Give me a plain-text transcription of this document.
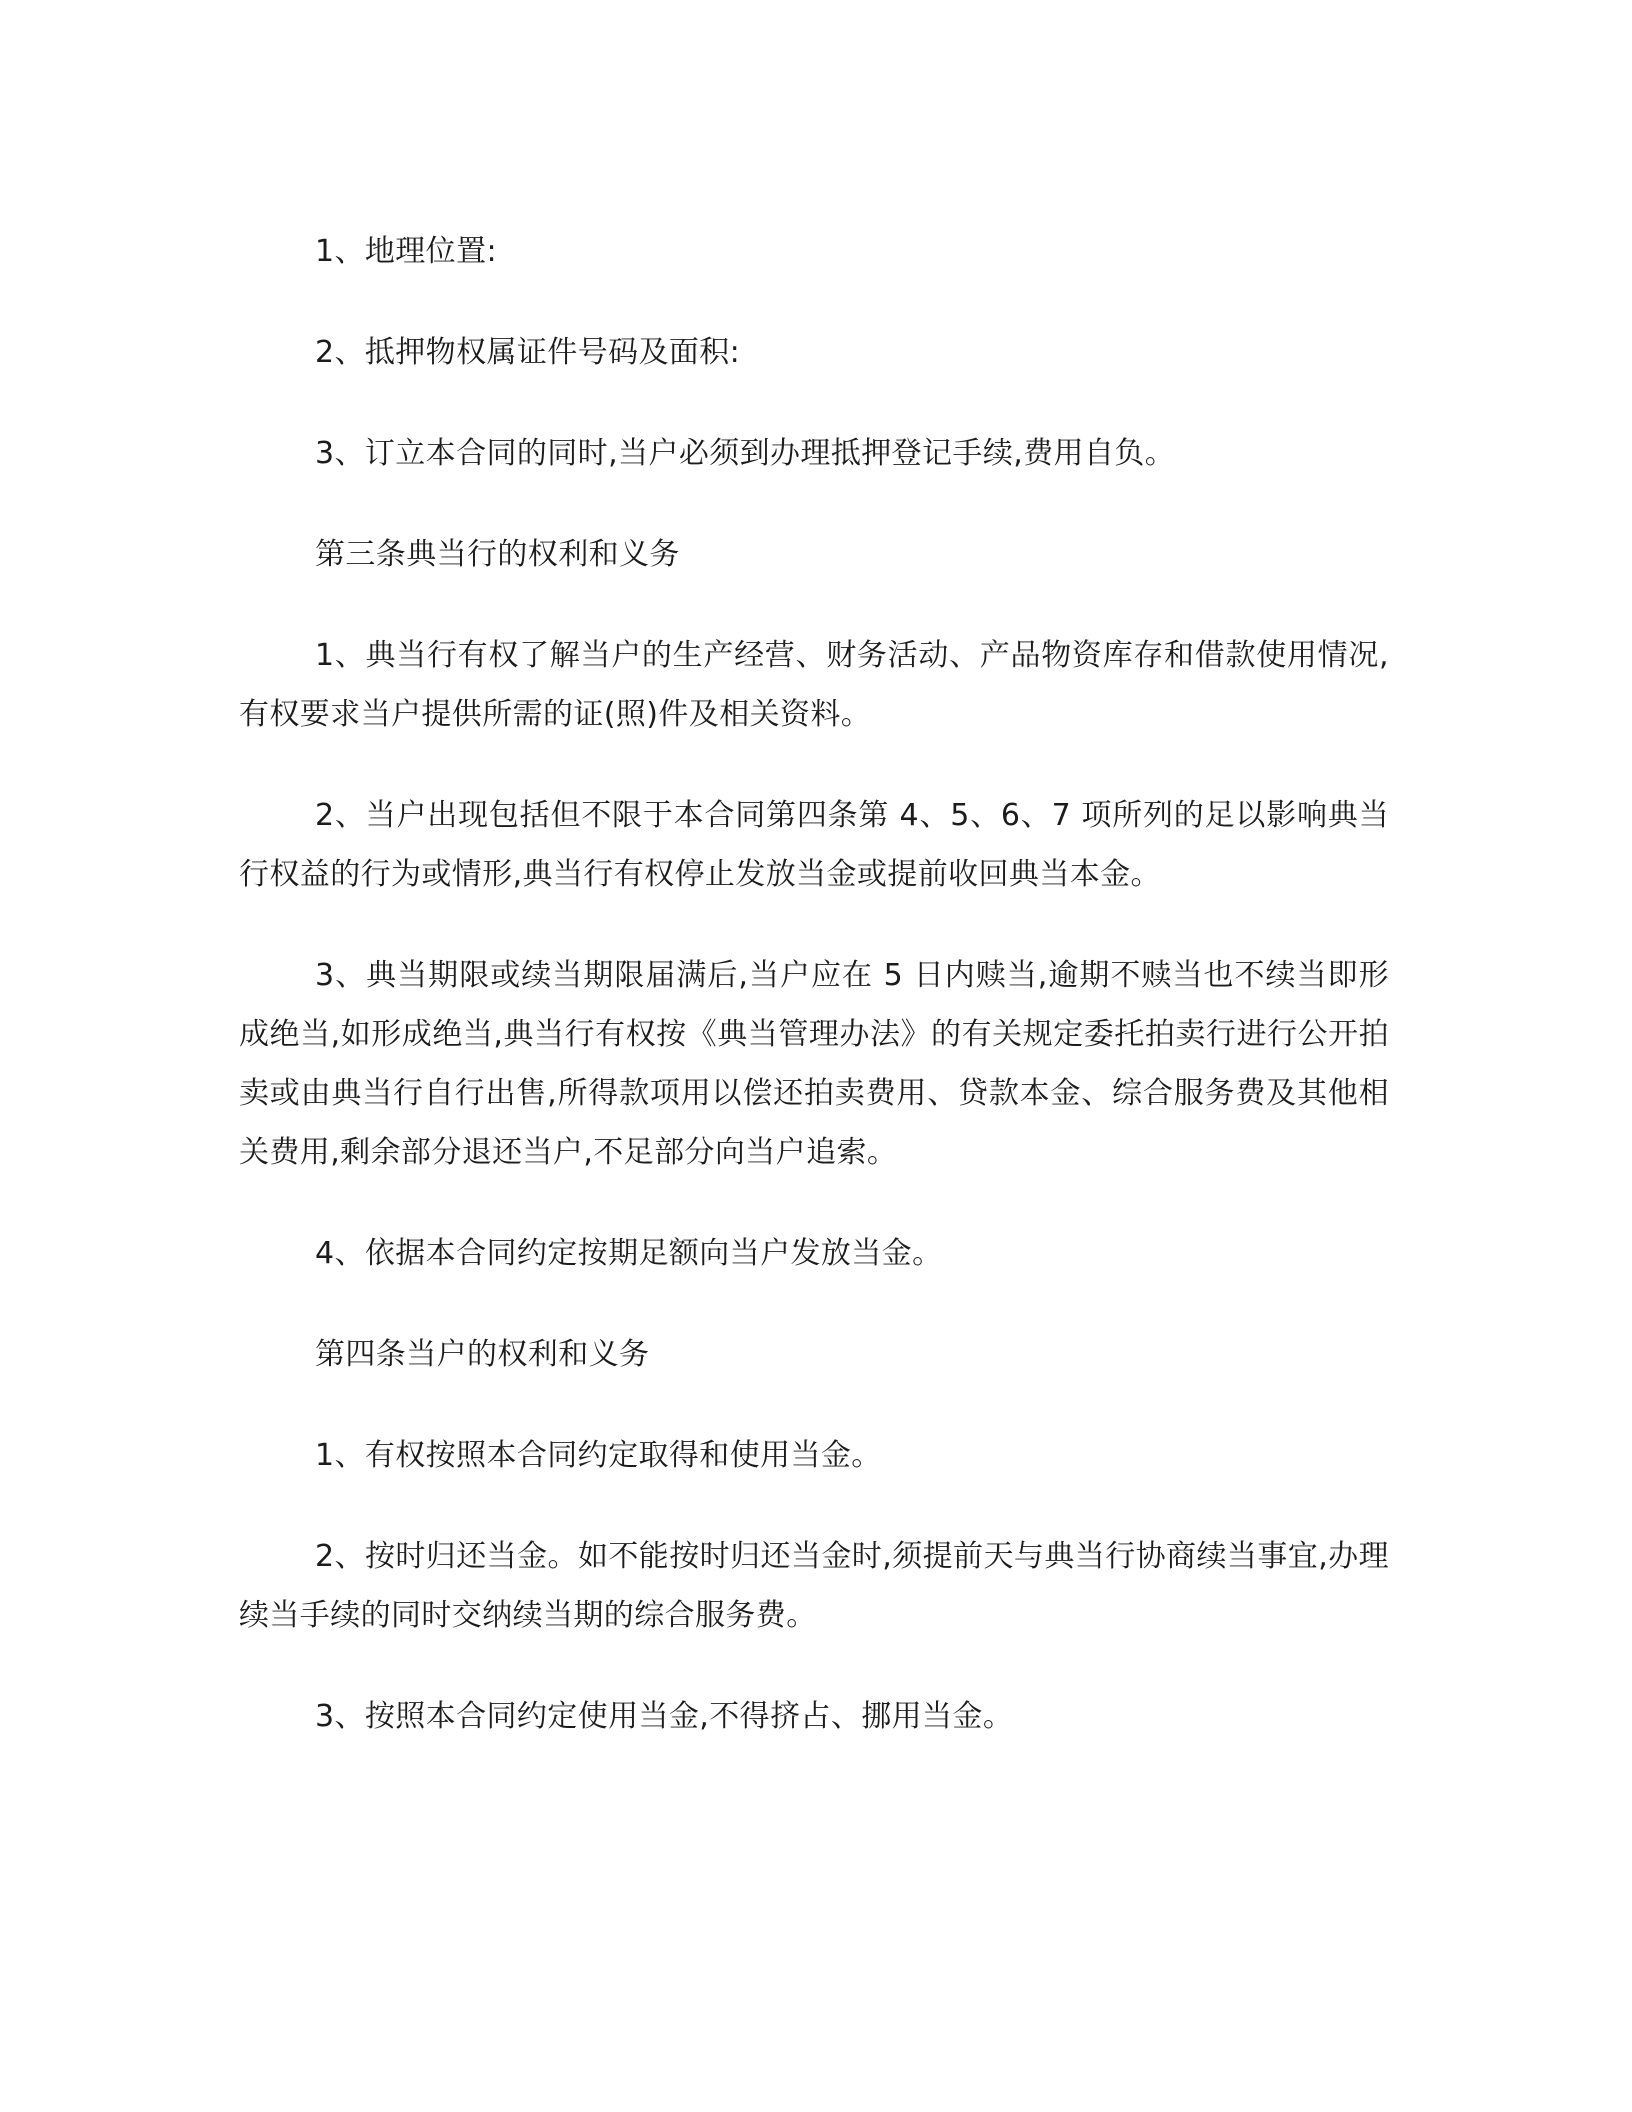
1、地理位置:

2、抵押物权属证件号码及面积:

3、订立本合同的同时,当户必须到办理抵押登记手续,费用自负。

第三条典当行的权利和义务

1、典当行有权了解当户的生产经营、财务活动、产品物资库存和借款使用情况,有权要求当户提供所需的证(照)件及相关资料。

2、当户出现包括但不限于本合同第四条第 4、5、6、7 项所列的足以影响典当行权益的行为或情形,典当行有权停止发放当金或提前收回典当本金。

3、典当期限或续当期限届满后,当户应在 5 日内赎当,逾期不赎当也不续当即形成绝当,如形成绝当,典当行有权按《典当管理办法》的有关规定委托拍卖行进行公开拍卖或由典当行自行出售,所得款项用以偿还拍卖费用、贷款本金、综合服务费及其他相关费用,剩余部分退还当户,不足部分向当户追索。

4、依据本合同约定按期足额向当户发放当金。

第四条当户的权利和义务

1、有权按照本合同约定取得和使用当金。

2、按时归还当金。如不能按时归还当金时,须提前天与典当行协商续当事宜,办理续当手续的同时交纳续当期的综合服务费。

3、按照本合同约定使用当金,不得挤占、挪用当金。
